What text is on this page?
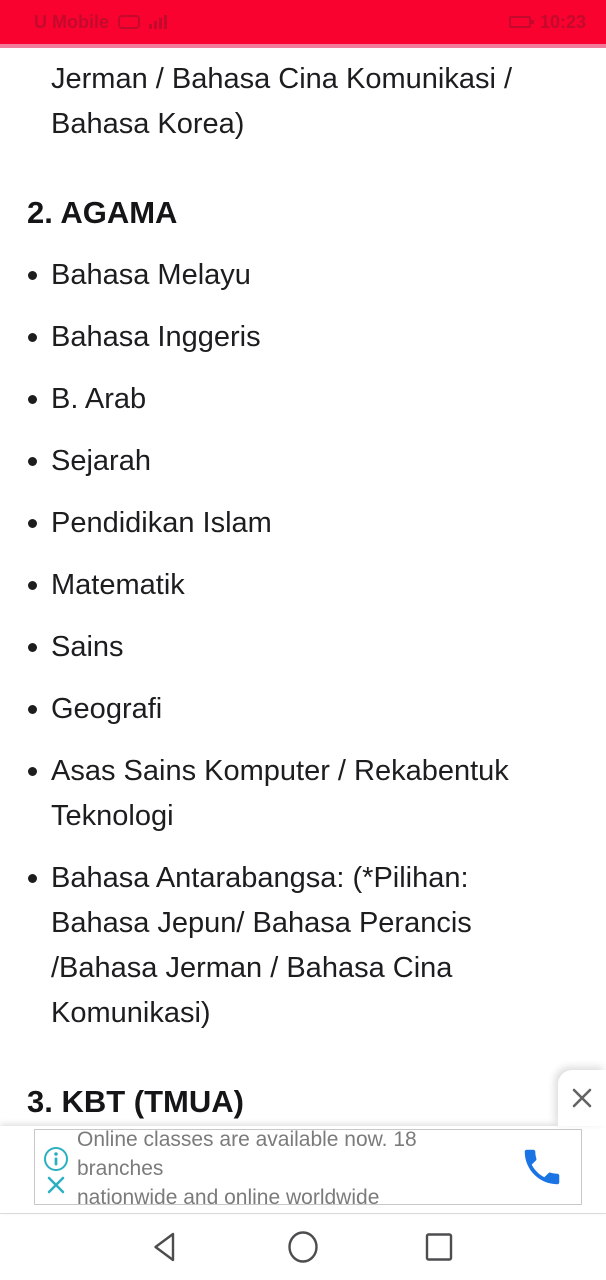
U Mobile	10:23

Jerman / Bahasa Cina Komunikasi / Bahasa Korea)

2. AGAMA
Bahasa Melayu
Bahasa Inggeris
B. Arab
Sejarah
Pendidikan Islam
Matematik
Sains
Geografi
Asas Sains Komputer / Rekabentuk Teknologi
Bahasa Antarabangsa: (*Pilihan: Bahasa Jepun/ Bahasa Perancis /Bahasa Jerman / Bahasa Cina Komunikasi)
3. KBT (TMUA)
Online classes are available now. 18 branches
nationwide and online worldwide
